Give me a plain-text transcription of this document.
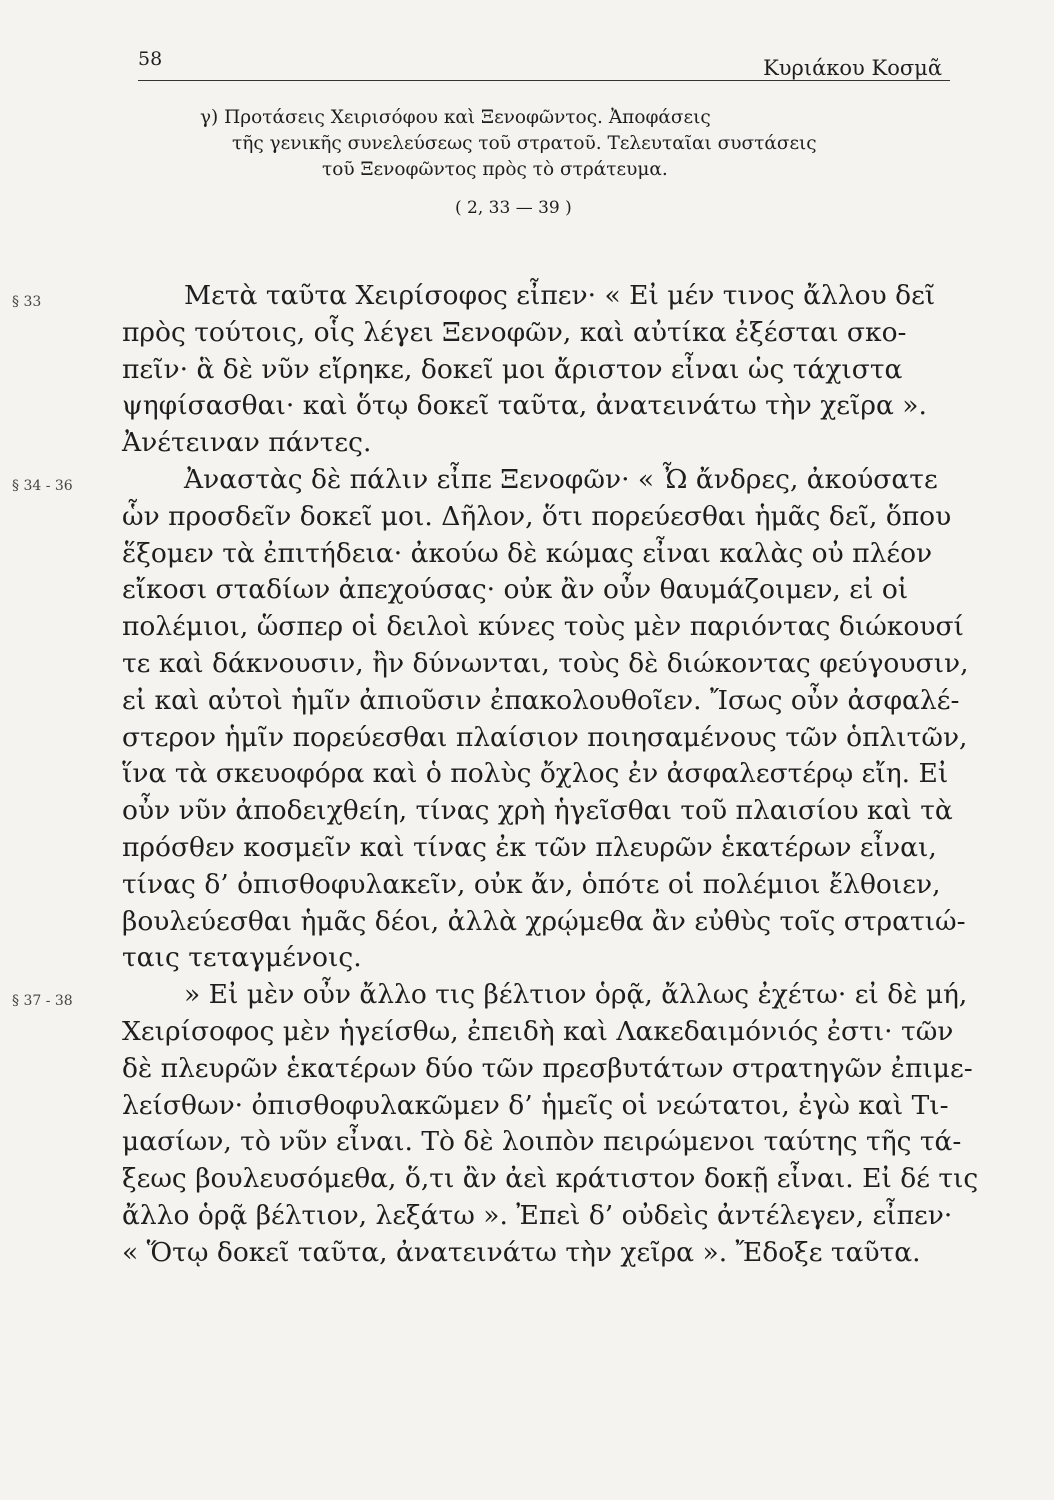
58	Κυριάκου Κοσμᾶ
γ) Προτάσεις Χειρισόφου καὶ Ξενοφῶντος. Ἀποφάσεις
τῆς γενικῆς συνελεύσεως τοῦ στρατοῦ. Τελευταῖαι συστάσεις
τοῦ Ξενοφῶντος πρὸς τὸ στράτευμα.
( 2, 33 — 39 )
§ 33	Μετὰ ταῦτα Χειρίσοφος εἶπεν· « Εἰ μέν τινος ἄλλου δεῖ
πρὸς τούτοις, οἷς λέγει Ξενοφῶν, καὶ αὐτίκα ἐξέσται σκο-
πεῖν· ἃ δὲ νῦν εἴρηκε, δοκεῖ μοι ἄριστον εἶναι ὡς τάχιστα
ψηφίσασθαι· καὶ ὅτῳ δοκεῖ ταῦτα, ἀνατεινάτω τὴν χεῖρα ».
Ἀνέτειναν πάντες.
§ 34 - 36	Ἀναστὰς δὲ πάλιν εἶπε Ξενοφῶν· « Ὦ ἄνδρες, ἀκούσατε
ὧν προσδεῖν δοκεῖ μοι. Δῆλον, ὅτι πορεύεσθαι ἡμᾶς δεῖ, ὅπου
ἕξομεν τὰ ἐπιτήδεια· ἀκούω δὲ κώμας εἶναι καλὰς οὐ πλέον
εἴκοσι σταδίων ἀπεχούσας· οὐκ ἂν οὖν θαυμάζοιμεν, εἰ οἱ
πολέμιοι, ὥσπερ οἱ δειλοὶ κύνες τοὺς μὲν παριόντας διώκουσί
τε καὶ δάκνουσιν, ἢν δύνωνται, τοὺς δὲ διώκοντας φεύγουσιν,
εἰ καὶ αὐτοὶ ἡμῖν ἀπιοῦσιν ἐπακολουθοῖεν. Ἴσως οὖν ἀσφαλέ-
στερον ἡμῖν πορεύεσθαι πλαίσιον ποιησαμένους τῶν ὁπλιτῶν,
ἵνα τὰ σκευοφόρα καὶ ὁ πολὺς ὄχλος ἐν ἀσφαλεστέρῳ εἴη. Εἰ
οὖν νῦν ἀποδειχθείη, τίνας χρὴ ἡγεῖσθαι τοῦ πλαισίου καὶ τὰ
πρόσθεν κοσμεῖν καὶ τίνας ἐκ τῶν πλευρῶν ἑκατέρων εἶναι,
τίνας δ’ ὀπισθοφυλακεῖν, οὐκ ἄν, ὁπότε οἱ πολέμιοι ἔλθοιεν,
βουλεύεσθαι ἡμᾶς δέοι, ἀλλὰ χρῴμεθα ἂν εὐθὺς τοῖς στρατιώ-
ταις τεταγμένοις.
§ 37 - 38	» Εἰ μὲν οὖν ἄλλο τις βέλτιον ὁρᾷ, ἄλλως ἐχέτω· εἰ δὲ μή,
Χειρίσοφος μὲν ἡγείσθω, ἐπειδὴ καὶ Λακεδαιμόνιός ἐστι· τῶν
δὲ πλευρῶν ἑκατέρων δύο τῶν πρεσβυτάτων στρατηγῶν ἐπιμε-
λείσθων· ὀπισθοφυλακῶμεν δ’ ἡμεῖς οἱ νεώτατοι, ἐγὼ καὶ Τι-
μασίων, τὸ νῦν εἶναι. Τὸ δὲ λοιπὸν πειρώμενοι ταύτης τῆς τά-
ξεως βουλευσόμεθα, ὅ,τι ἂν ἀεὶ κράτιστον δοκῇ εἶναι. Εἰ δέ τις
ἄλλο ὁρᾷ βέλτιον, λεξάτω ». Ἐπεὶ δ’ οὐδεὶς ἀντέλεγεν, εἶπεν·
« Ὅτῳ δοκεῖ ταῦτα, ἀνατεινάτω τὴν χεῖρα ». Ἔδοξε ταῦτα.
